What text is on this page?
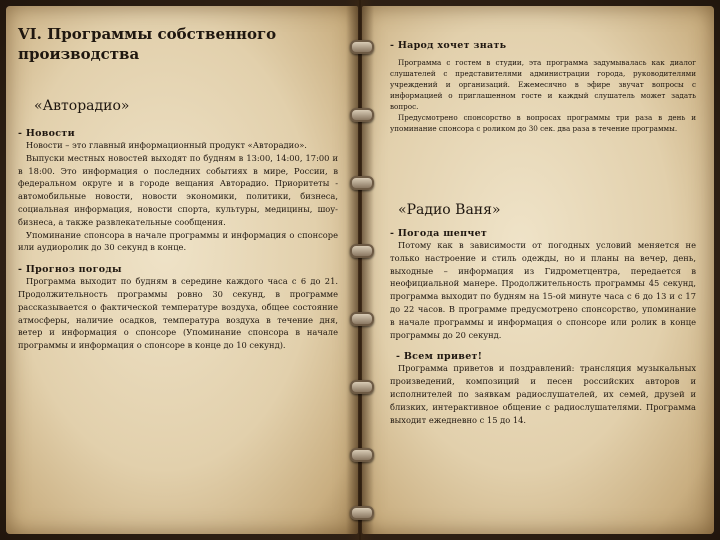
VI. Программы собственного производства
«Авторадио»
- Новости

Новости – это главный информационный продукт «Авторадио».

Выпуски местных новостей выходят по будням в 13:00, 14:00, 17:00 и в 18:00. Это информация о последних событиях в мире, России, в федеральном округе и в городе вещания Авторадио. Приоритеты - автомобильные новости, новости экономики, политики, бизнеса, социальная информация, новости спорта, культуры, медицины, шоу-бизнеса, а также развлекательные сообщения.

Упоминание спонсора в начале программы и информация о спонсоре или аудиоролик до 30 секунд в конце.

- Прогноз погоды

Программа выходит по будням в середине каждого часа с 6 до 21. Продолжительность программы ровно 30 секунд, в программе рассказывается о фактической температуре воздуха, общее состояние атмосферы, наличие осадков, температура воздуха в течение дня, ветер и информация о спонсоре (Упоминание спонсора в начале программы и информация о спонсоре в конце до 10 секунд).

- Народ хочет знать

Программа с гостем в студии, эта программа задумывалась как диалог слушателей с представителями администрации города, руководителями учреждений и организаций. Ежемесячно в эфире звучат вопросы с информацией о приглашенном госте и каждый слушатель может задать вопрос.

Предусмотрено спонсорство в вопросах программы три раза в день и упоминание спонсора с роликом до 30 сек. два раза в течение программы.

«Радио Ваня»
- Погода шепчет

Потому как в зависимости от погодных условий меняется не только настроение и стиль одежды, но и планы на вечер, день, выходные – информация из Гидрометцентра, передается в неофициальной манере. Продолжительность программы 45 секунд, программа выходит по будням на 15-ой минуте часа с 6 до 13 и с 17 до 22 часов. В программе предусмотрено спонсорство, упоминание в начале программы и информация о спонсоре или ролик в конце программы до 20 секунд.

- Всем привет!

Программа приветов и поздравлений: трансляция музыкальных произведений, композиций и песен российских авторов и исполнителей по заявкам радиослушателей, их семей, друзей и близких, интерактивное общение с радиослушателями. Программа выходит ежедневно с 15 до 14.
